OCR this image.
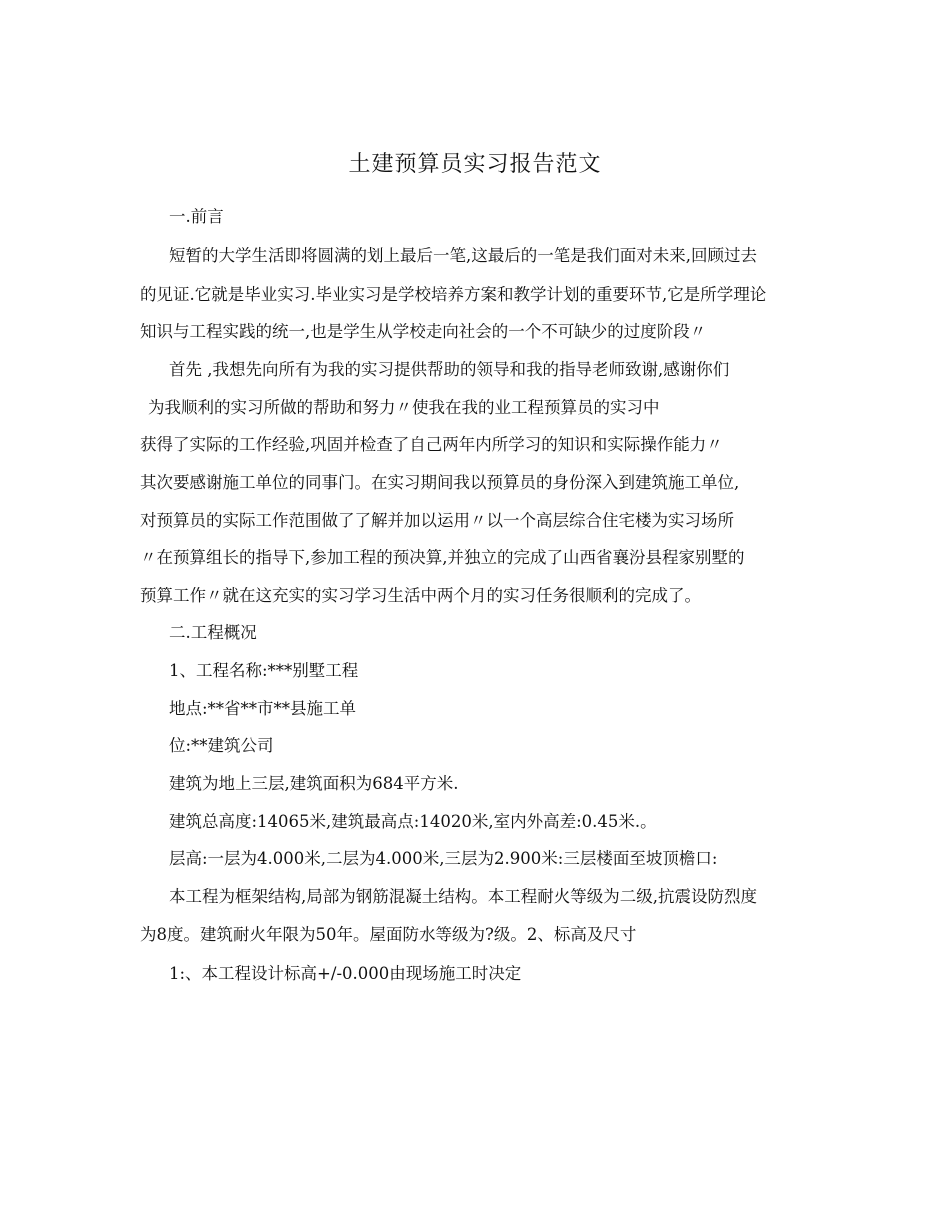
土建预算员实习报告范文
一.前言
短暂的大学生活即将圆满的划上最后一笔,这最后的一笔是我们面对未来,回顾过去
的见证.它就是毕业实习.毕业实习是学校培养方案和教学计划的重要环节,它是所学理论
知识与工程实践的统一,也是学生从学校走向社会的一个不可缺少的过度阶段〃
首先 ,我想先向所有为我的实习提供帮助的领导和我的指导老师致谢,感谢你们
为我顺利的实习所做的帮助和努力〃使我在我的业工程预算员的实习中
获得了实际的工作经验,巩固并检查了自己两年内所学习的知识和实际操作能力〃
其次要感谢施工单位的同事门。在实习期间我以预算员的身份深入到建筑施工单位,
对预算员的实际工作范围做了了解并加以运用〃以一个高层综合住宅楼为实习场所
〃在预算组长的指导下,参加工程的预决算,并独立的完成了山西省襄汾县程家别墅的
预算工作〃就在这充实的实习学习生活中两个月的实习任务很顺利的完成了。
二.工程概况
1、工程名称:***别墅工程
地点:**省**市**县施工单
位:**建筑公司
建筑为地上三层,建筑面积为684平方米.
建筑总高度:14065米,建筑最高点:14020米,室内外高差:0.45米.。
层高:一层为4.000米,二层为4.000米,三层为2.900米:三层楼面至坡顶檐口:
本工程为框架结构,局部为钢筋混凝土结构。本工程耐火等级为二级,抗震设防烈度
为8度。建筑耐火年限为50年。屋面防水等级为?级。2、标高及尺寸
1:、本工程设计标高+/-0.000由现场施工时决定
